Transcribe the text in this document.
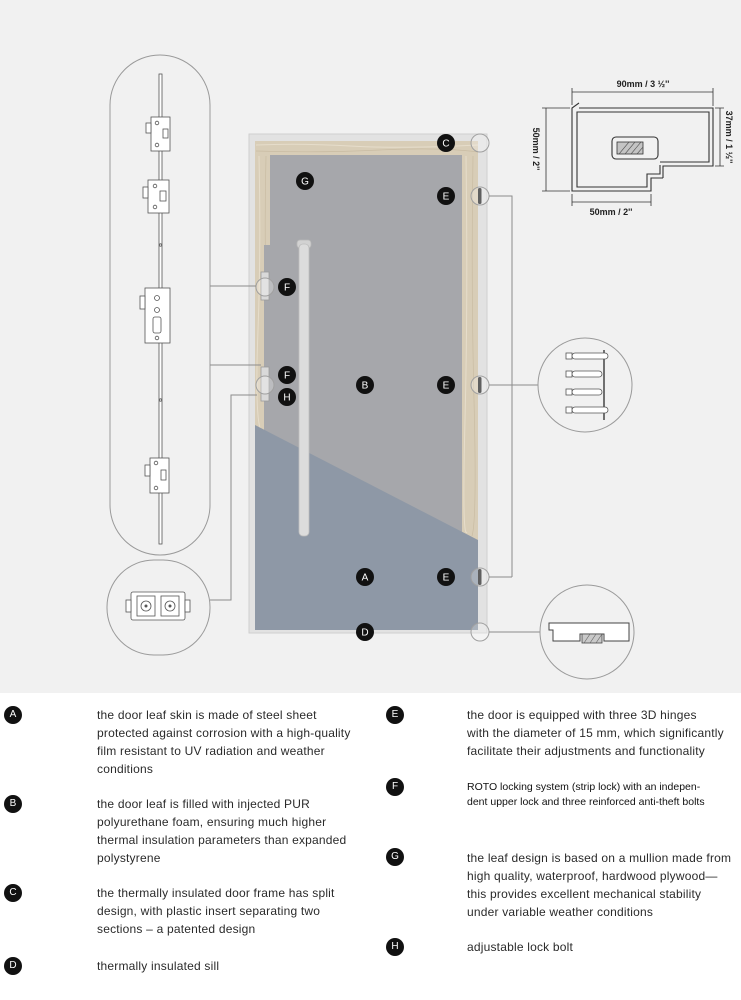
90mm / 3 ½''
50mm / 2''	37mm / 1 ½''
50mm / 2''
C
G
E
F
F
H
B	E
A	E
D
A	the door leaf skin is made of steel sheet
protected against corrosion with a high-quality
film resistant to UV radiation and weather
conditions
B	the door leaf is filled with injected PUR
polyurethane foam, ensuring much higher
thermal insulation parameters than expanded
polystyrene
C	the thermally insulated door frame has split
design, with plastic insert separating two
sections – a patented design
D	thermally insulated sill
E	the door is equipped with three 3D hinges
with the diameter of 15 mm, which significantly
facilitate their adjustments and functionality
F	ROTO locking system (strip lock) with an indepen-
dent upper lock and three reinforced anti-theft bolts
G	the leaf design is based on a mullion made from
high quality, waterproof, hardwood plywood—
this provides excellent mechanical stability
under variable weather conditions
H	adjustable lock bolt
